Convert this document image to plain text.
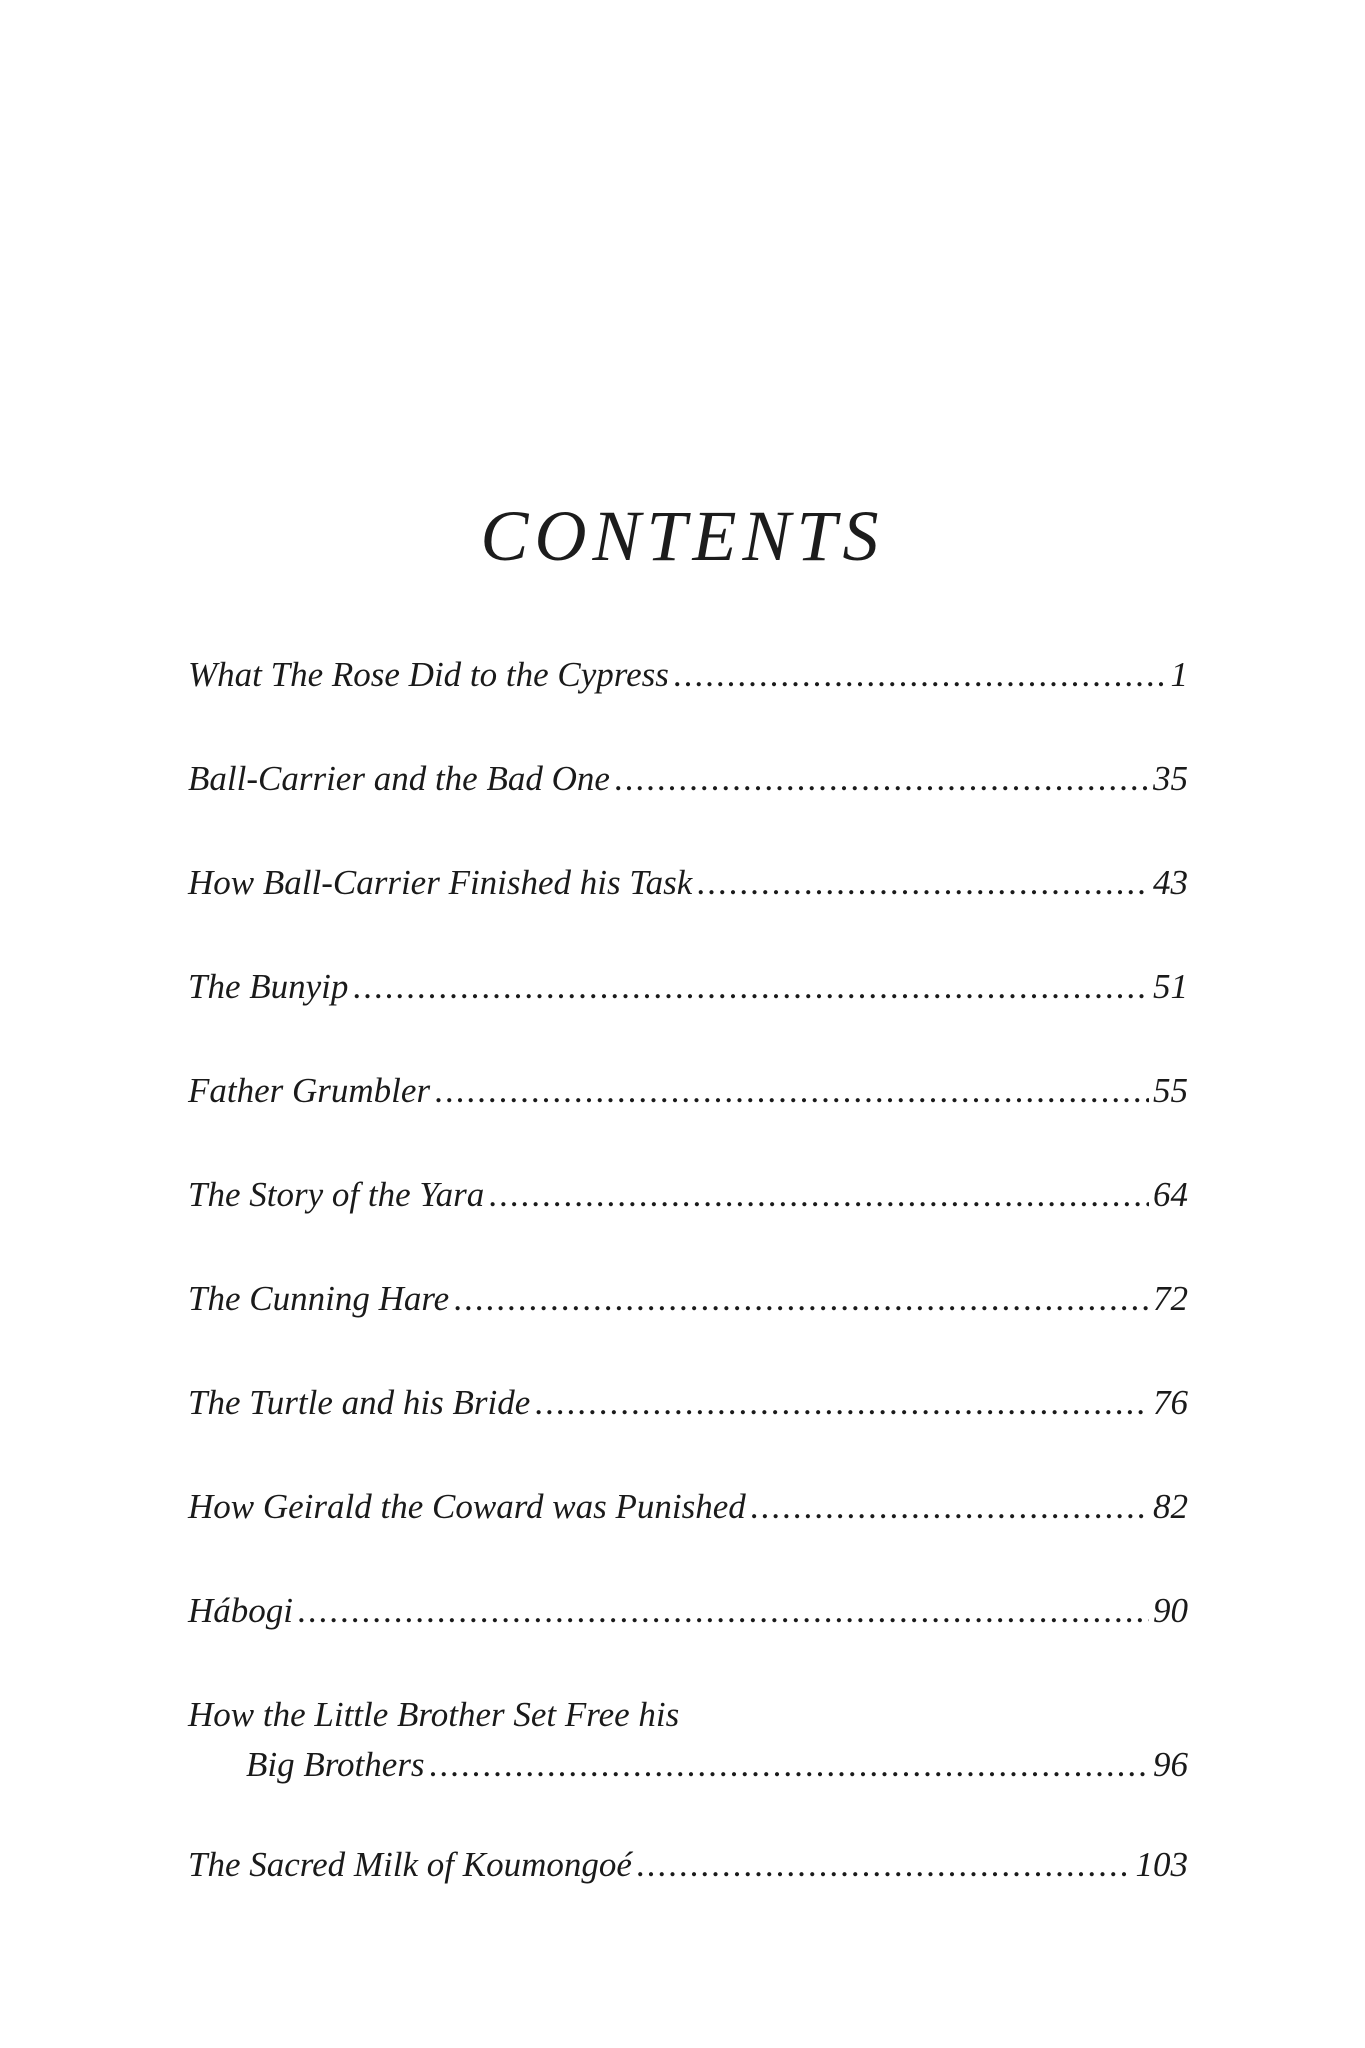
CONTENTS
What The Rose Did to the Cypress .....	1
Ball-Carrier and the Bad One .....	35
How Ball-Carrier Finished his Task .....	43
The Bunyip .....	51
Father Grumbler .....	55
The Story of the Yara .....	64
The Cunning Hare .....	72
The Turtle and his Bride .....	76
How Geirald the Coward was Punished .....	82
Hábogi .....	90
How the Little Brother Set Free his
Big Brothers .....	96
The Sacred Milk of Koumongoé .....	103
